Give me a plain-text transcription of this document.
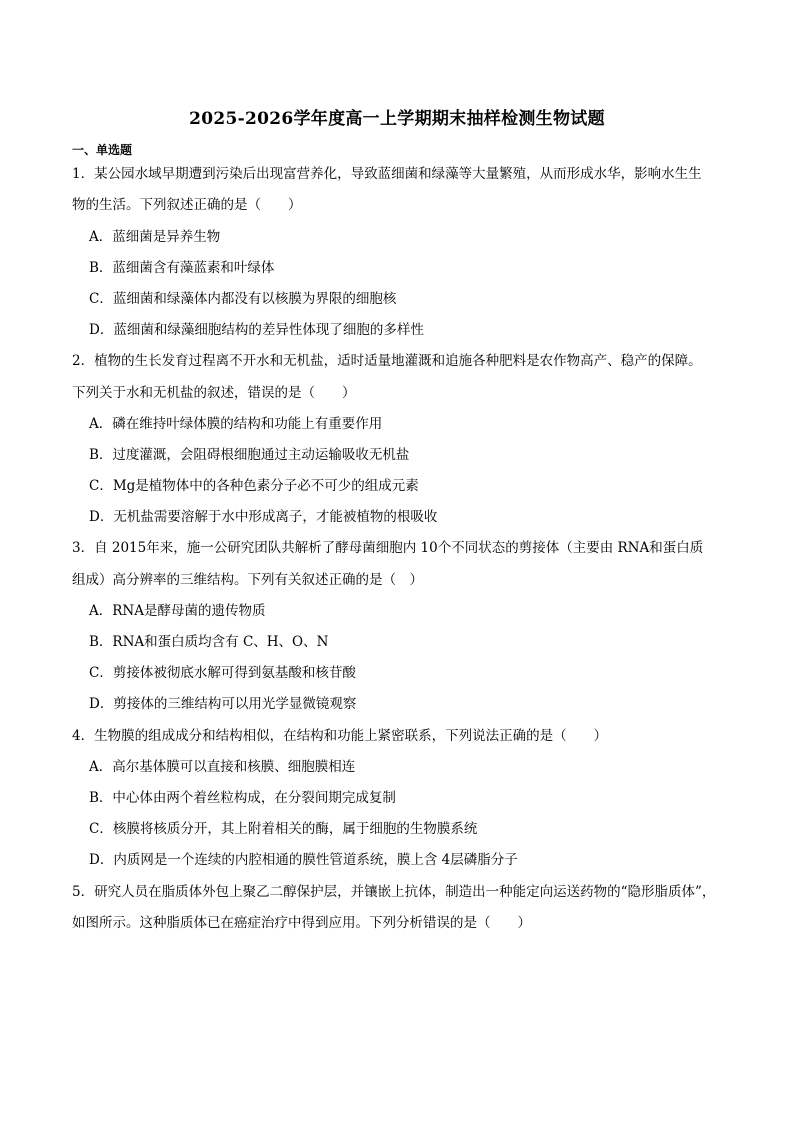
2025-2026学年度高一上学期期末抽样检测生物试题
一、单选题
1．某公园水域早期遭到污染后出现富营养化，导致蓝细菌和绿藻等大量繁殖，从而形成水华，影响水生生
物的生活。下列叙述正确的是（　　）
A．蓝细菌是异养生物
B．蓝细菌含有藻蓝素和叶绿体
C．蓝细菌和绿藻体内都没有以核膜为界限的细胞核
D．蓝细菌和绿藻细胞结构的差异性体现了细胞的多样性
2．植物的生长发育过程离不开水和无机盐，适时适量地灌溉和追施各种肥料是农作物高产、稳产的保障。
下列关于水和无机盐的叙述，错误的是（　　）
A．磷在维持叶绿体膜的结构和功能上有重要作用
B．过度灌溉，会阻碍根细胞通过主动运输吸收无机盐
C．Mg是植物体中的各种色素分子必不可少的组成元素
D．无机盐需要溶解于水中形成离子，才能被植物的根吸收
3．自 2015年来，施一公研究团队共解析了酵母菌细胞内 10个不同状态的剪接体（主要由 RNA和蛋白质
组成）高分辨率的三维结构。下列有关叙述正确的是（　）
A．RNA是酵母菌的遗传物质
B．RNA和蛋白质均含有 C、H、O、N
C．剪接体被彻底水解可得到氨基酸和核苷酸
D．剪接体的三维结构可以用光学显微镜观察
4．生物膜的组成成分和结构相似，在结构和功能上紧密联系，下列说法正确的是（　　）
A．高尔基体膜可以直接和核膜、细胞膜相连
B．中心体由两个着丝粒构成，在分裂间期完成复制
C．核膜将核质分开，其上附着相关的酶，属于细胞的生物膜系统
D．内质网是一个连续的内腔相通的膜性管道系统，膜上含 4层磷脂分子
5．研究人员在脂质体外包上聚乙二醇保护层，并镶嵌上抗体，制造出一种能定向运送药物的“隐形脂质体”，
如图所示。这种脂质体已在癌症治疗中得到应用。下列分析错误的是（　　）
